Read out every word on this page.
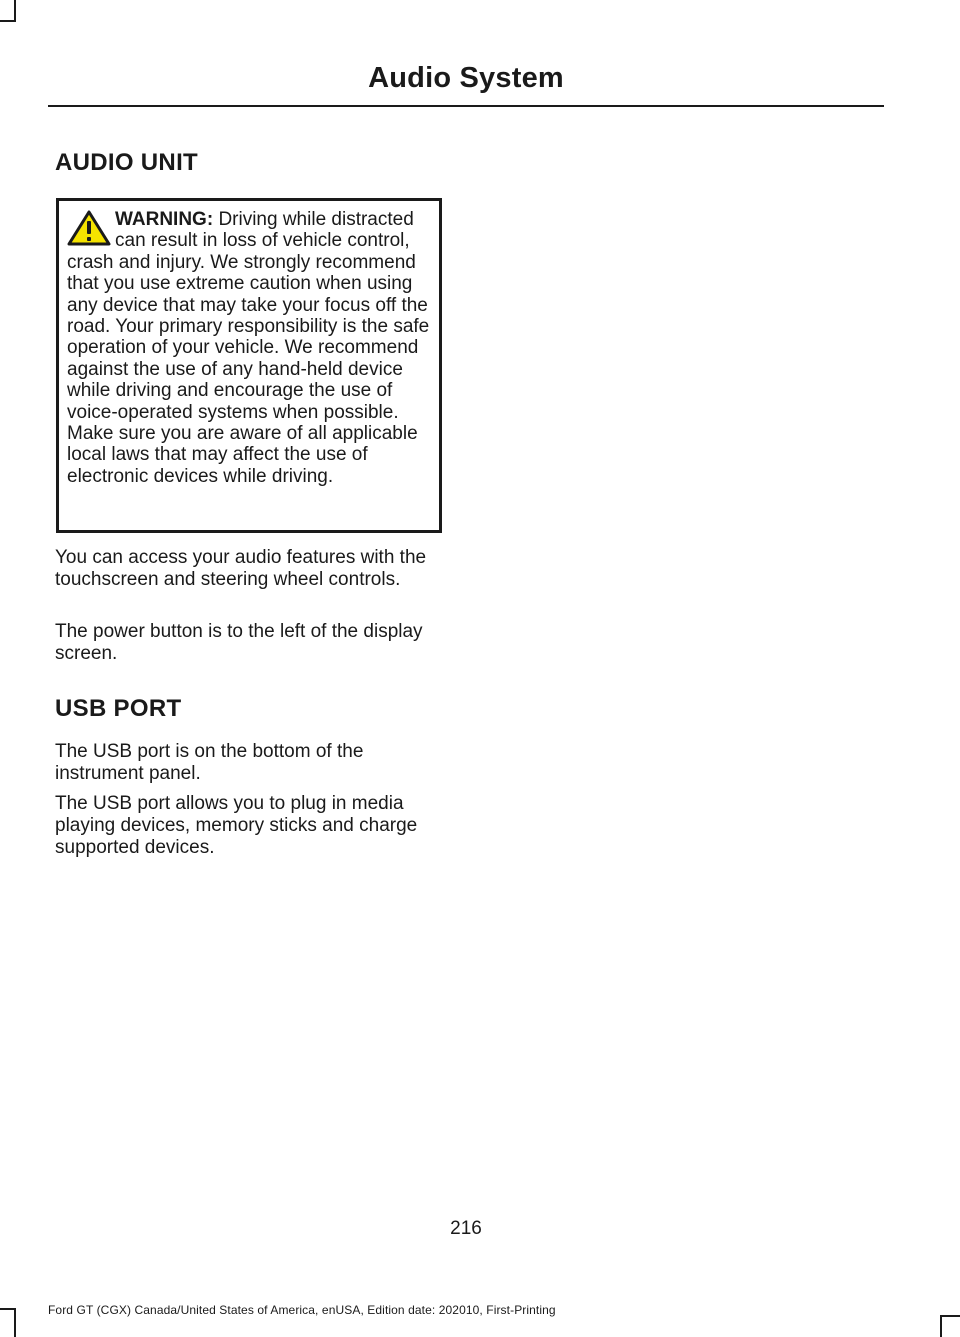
Audio System
AUDIO UNIT
WARNING: Driving while distracted can result in loss of vehicle control, crash and injury. We strongly recommend that you use extreme caution when using any device that may take your focus off the road. Your primary responsibility is the safe operation of your vehicle. We recommend against the use of any hand-held device while driving and encourage the use of voice-operated systems when possible. Make sure you are aware of all applicable local laws that may affect the use of electronic devices while driving.
You can access your audio features with the touchscreen and steering wheel controls.
The power button is to the left of the display screen.
USB PORT
The USB port is on the bottom of the instrument panel.
The USB port allows you to plug in media playing devices, memory sticks and charge supported devices.
216
Ford GT (CGX) Canada/United States of America, enUSA, Edition date: 202010, First-Printing
